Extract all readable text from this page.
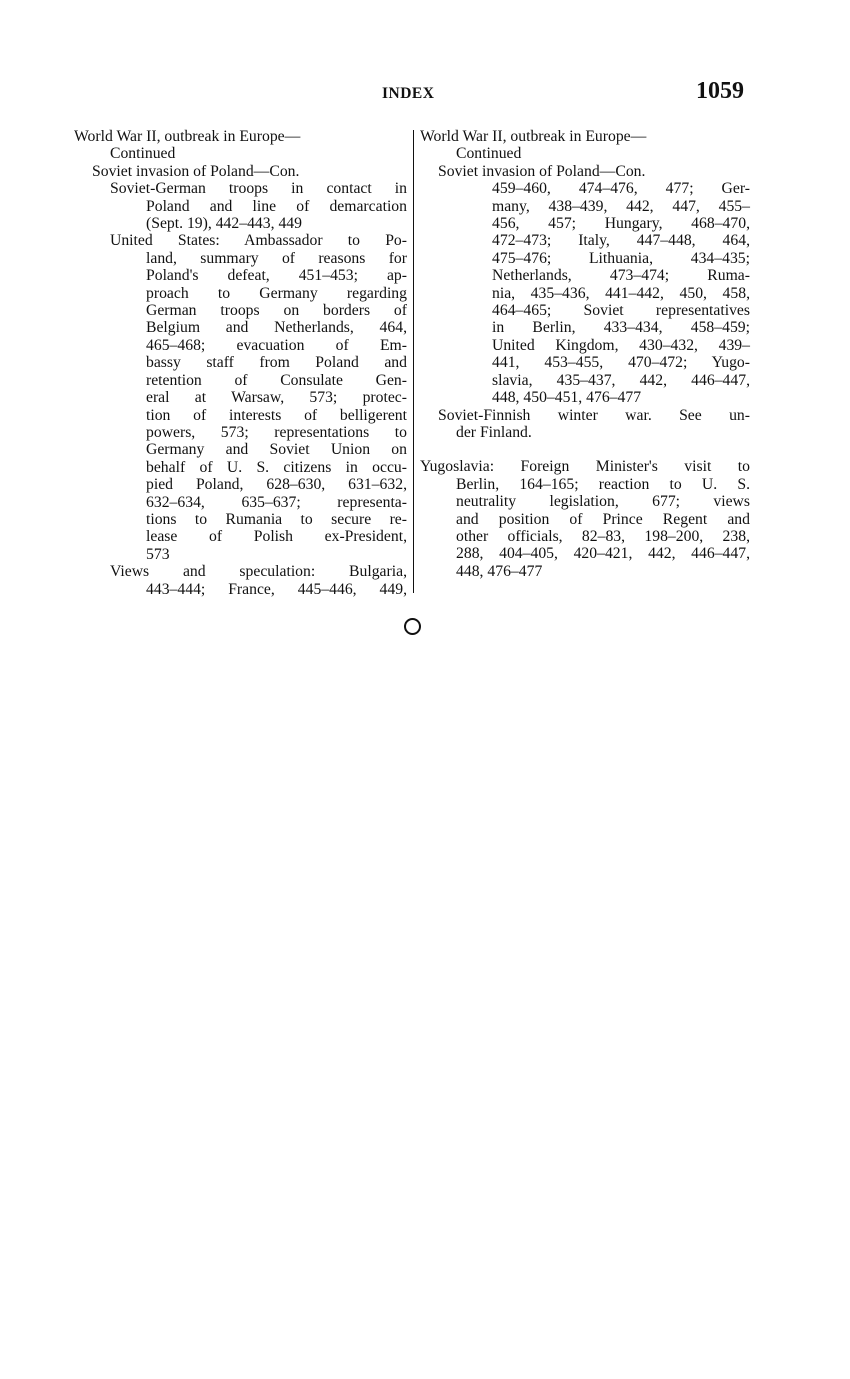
INDEX	1059
World War II, outbreak in Europe—
Continued
Soviet invasion of Poland—Con.
Soviet-German troops in contact in
Poland and line of demarcation
(Sept. 19), 442–443, 449
United States: Ambassador to Po-
land, summary of reasons for
Poland's defeat, 451–453; ap-
proach to Germany regarding
German troops on borders of
Belgium and Netherlands, 464,
465–468; evacuation of Em-
bassy staff from Poland and
retention of Consulate Gen-
eral at Warsaw, 573; protec-
tion of interests of belligerent
powers, 573; representations to
Germany and Soviet Union on
behalf of U. S. citizens in occu-
pied Poland, 628–630, 631–632,
632–634, 635–637; representa-
tions to Rumania to secure re-
lease of Polish ex-President,
573
Views and speculation: Bulgaria,
443–444; France, 445–446, 449,
World War II, outbreak in Europe—
Continued
Soviet invasion of Poland—Con.
459–460, 474–476, 477; Ger-
many, 438–439, 442, 447, 455–
456, 457; Hungary, 468–470,
472–473; Italy, 447–448, 464,
475–476; Lithuania, 434–435;
Netherlands, 473–474; Ruma-
nia, 435–436, 441–442, 450, 458,
464–465; Soviet representatives
in Berlin, 433–434, 458–459;
United Kingdom, 430–432, 439–
441, 453–455, 470–472; Yugo-
slavia, 435–437, 442, 446–447,
448, 450–451, 476–477
Soviet-Finnish winter war. See un-
der Finland.
Yugoslavia: Foreign Minister's visit to
Berlin, 164–165; reaction to U. S.
neutrality legislation, 677; views
and position of Prince Regent and
other officials, 82–83, 198–200, 238,
288, 404–405, 420–421, 442, 446–447,
448, 476–477
